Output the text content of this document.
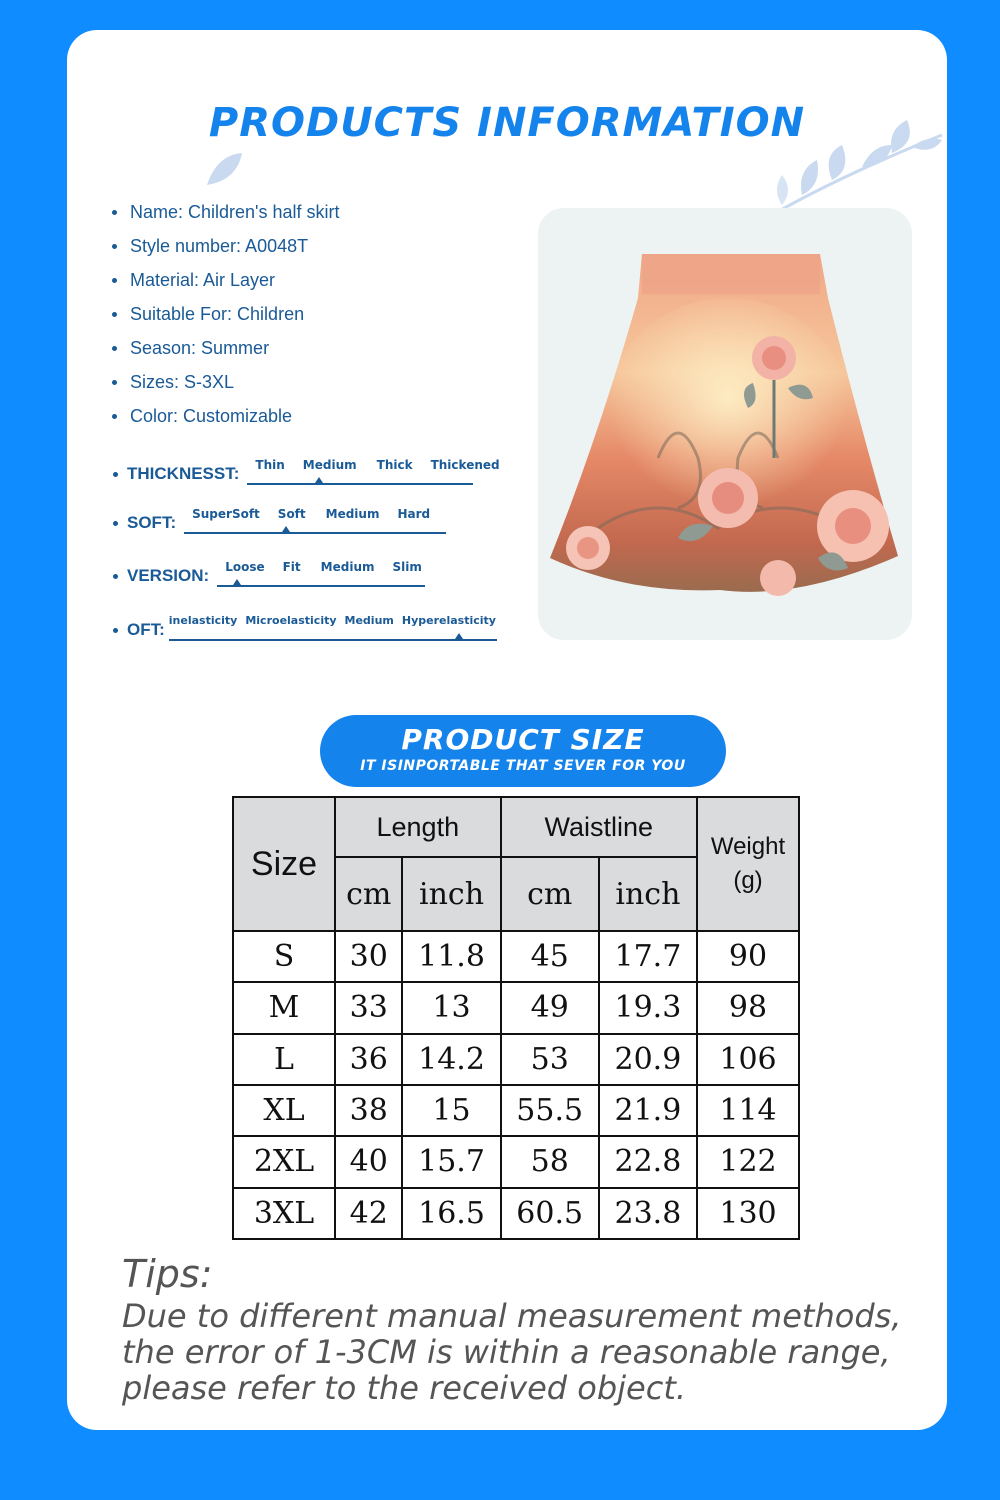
PRODUCTS INFORMATION
Name: Children's half skirt
Style number: A0048T
Material: Air Layer
Suitable For: Children
Season: Summer
Sizes: S-3XL
Color: Customizable
THICKNESST:	Thin	Medium	Thick	Thickened
SOFT:	SuperSoft	Soft	Medium	Hard
VERSION:	Loose	Fit	Medium	Slim
OFT: inelasticity Microelasticity Medium Hyperelasticity
PRODUCT SIZE
IT ISINPORTABLE THAT SEVER FOR YOU
Size	Length		Waistline		Weight (g)
	cm	inch	cm	inch	
S	30	11.8	45	17.7	90
M	33	13	49	19.3	98
L	36	14.2	53	20.9	106
XL	38	15	55.5	21.9	114
2XL	40	15.7	58	22.8	122
3XL	42	16.5	60.5	23.8	130
Tips:
Due to different manual measurement methods, the error of 1-3CM is within a reasonable range, please refer to the received object.
